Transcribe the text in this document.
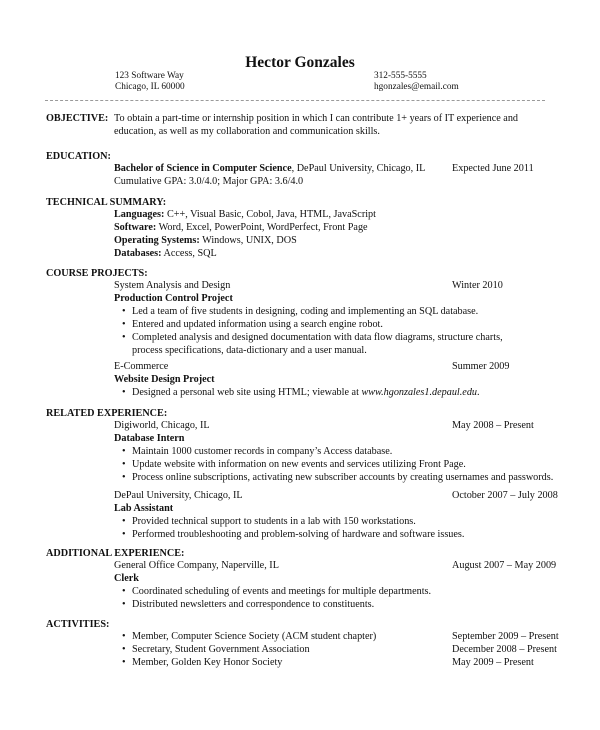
Hector Gonzales
123 Software Way
Chicago, IL 60000
312-555-5555
hgonzales@email.com
OBJECTIVE: To obtain a part-time or internship position in which I can contribute 1+ years of IT experience and education, as well as my collaboration and communication skills.
EDUCATION:
Bachelor of Science in Computer Science, DePaul University, Chicago, IL
Cumulative GPA: 3.0/4.0; Major GPA: 3.6/4.0
Expected June 2011
TECHNICAL SUMMARY:
Languages: C++, Visual Basic, Cobol, Java, HTML, JavaScript
Software: Word, Excel, PowerPoint, WordPerfect, Front Page
Operating Systems: Windows, UNIX, DOS
Databases: Access, SQL
COURSE PROJECTS:
System Analysis and Design
Production Control Project
• Led a team of five students in designing, coding and implementing an SQL database.
• Entered and updated information using a search engine robot.
• Completed analysis and designed documentation with data flow diagrams, structure charts, process specifications, data-dictionary and a user manual.
Winter 2010
E-Commerce
Website Design Project
• Designed a personal web site using HTML; viewable at www.hgonzales1.depaul.edu.
Summer 2009
RELATED EXPERIENCE:
Digiworld, Chicago, IL
Database Intern
• Maintain 1000 customer records in company’s Access database.
• Update website with information on new events and services utilizing Front Page.
• Process online subscriptions, activating new subscriber accounts by creating usernames and passwords.
May 2008 – Present
DePaul University, Chicago, IL
Lab Assistant
• Provided technical support to students in a lab with 150 workstations.
• Performed troubleshooting and problem-solving of hardware and software issues.
October 2007 – July 2008
ADDITIONAL EXPERIENCE:
General Office Company, Naperville, IL
Clerk
• Coordinated scheduling of events and meetings for multiple departments.
• Distributed newsletters and correspondence to constituents.
August 2007 – May 2009
ACTIVITIES:
• Member, Computer Science Society (ACM student chapter)
• Secretary, Student Government Association
• Member, Golden Key Honor Society
September 2009 – Present
December 2008 – Present
May 2009 – Present
